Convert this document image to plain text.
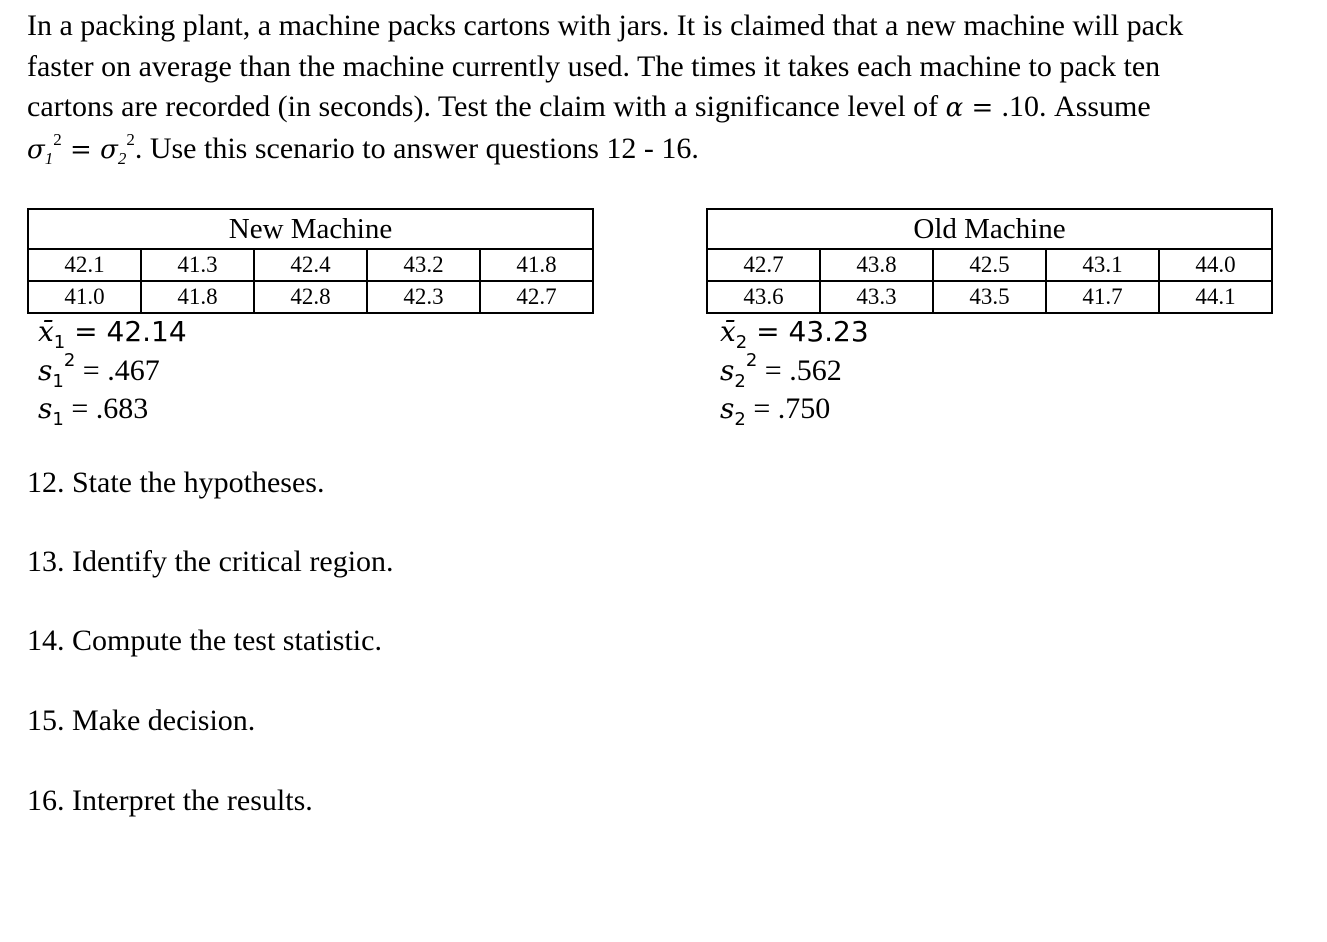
In a packing plant, a machine packs cartons with jars. It is claimed that a new machine will pack
faster on average than the machine currently used. The times it takes each machine to pack ten
cartons are recorded (in seconds). Test the claim with a significance level of α = .10. Assume
$\sigma_1^2 = \sigma_2^2$. Use this scenario to answer questions 12 - 16.
New Machine				
42.1	41.3	42.4	43.2	41.8
41.0	41.8	42.8	42.3	42.7
Old Machine				
42.7	43.8	42.5	43.1	44.0
43.6	43.3	43.5	41.7	44.1
$x̄_1 = 42.14$
$s_1^2 = .467$
$s_1 = .683$
$x̄_2 = 43.23$
$s_2^2 = .562$
$s_2 = .750$
12. State the hypotheses.
13. Identify the critical region.
14. Compute the test statistic.
15. Make decision.
16. Interpret the results.
